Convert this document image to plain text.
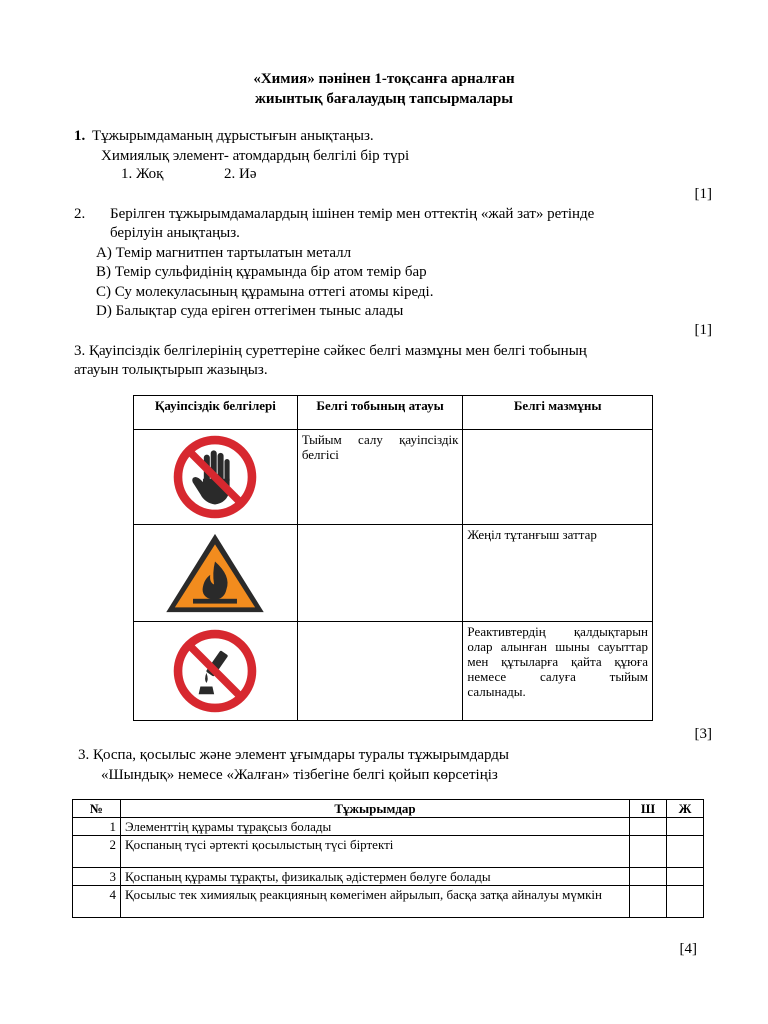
«Химия» пәнінен 1-тоқсанға арналған
жиынтық бағалаудың тапсырмалары
1. Тұжырымдаманың дұрыстығын анықтаңыз.
Химиялық элемент- атомдардың белгілі бір түрі
1. Жоқ	2. Иә
[1]
2. Берілген тұжырымдамалардың ішінен темір мен оттектің «жай зат» ретінде
берілуін анықтаңыз.
A) Темір магнитпен тартылатын металл
B) Темір сульфидінің құрамында бір атом темір бар
C) Су молекуласының құрамына оттегі атомы кіреді.
D) Балықтар суда еріген оттегімен тыныс алады
[1]
3. Қауіпсіздік белгілерінің суреттеріне сәйкес белгі мазмұны мен белгі тобының
атауын толықтырып жазыңыз.
Қауіпсіздік белгілері	Белгі тобының атауы	Белгі мазмұны

	Тыйым салу қауіпсіздік белгісі	

		Жеңіл тұтанғыш заттар

		Реактивтердің қалдықтарын олар алынған шыны сауыттар мен құтыларға қайта құюға немесе салуға тыйым салынады.
[3]
3. Қоспа, қосылыс және элемент ұғымдары туралы тұжырымдарды
«Шындық» немесе «Жалған» тізбегіне белгі қойып көрсетіңіз
№	Тұжырымдар	Ш	Ж
1	Элементтің құрамы тұрақсыз болады		
2	Қоспаның түсі әртекті қосылыстың түсі біртекті		
3	Қоспаның құрамы тұрақты, физикалық әдістермен бөлуге болады		
4	Қосылыс тек химиялық реакцияның көмегімен айрылып, басқа затқа айналуы мүмкін		
[4]
